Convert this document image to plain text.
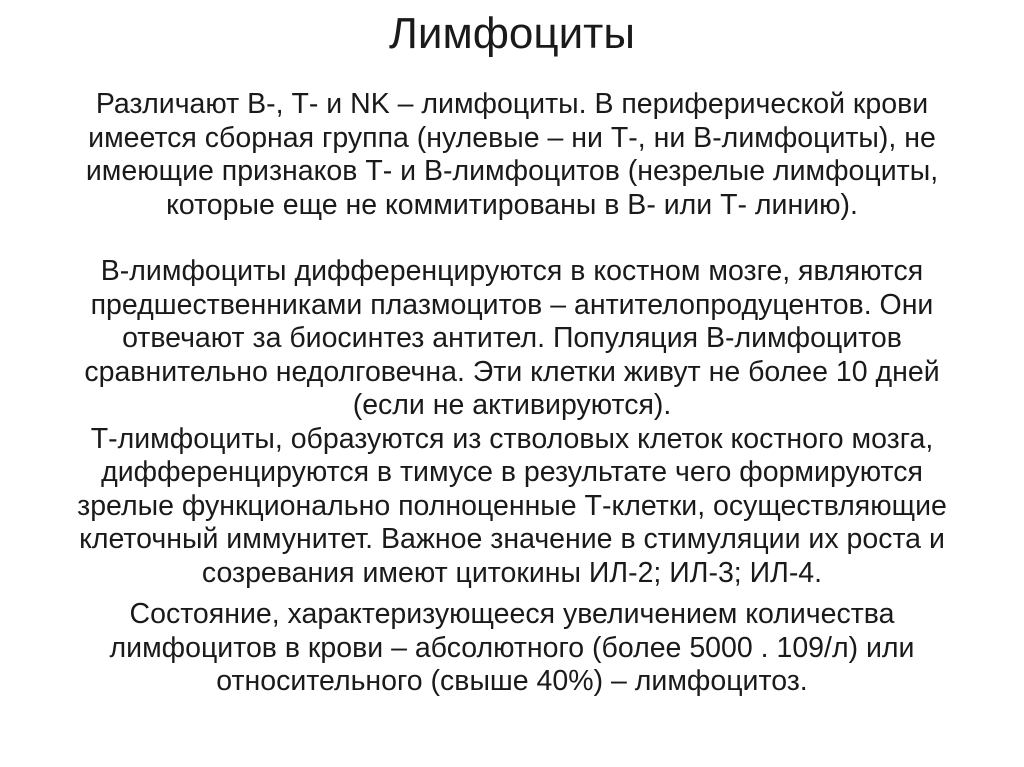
Лимфоциты

Различают В-, Т- и NK – лимфоциты. В периферической крови
имеется сборная группа (нулевые – ни Т-, ни В-лимфоциты), не
имеющие признаков Т- и В-лимфоцитов (незрелые лимфоциты,
которые еще не коммитированы в В- или Т- линию).

В-лимфоциты дифференцируются в костном мозге, являются
предшественниками плазмоцитов – антителопродуцентов. Они
отвечают за биосинтез антител. Популяция В-лимфоцитов
сравнительно недолговечна. Эти клетки живут не более 10 дней
(если не активируются).

Т-лимфоциты, образуются из стволовых клеток костного мозга,
дифференцируются в тимусе в результате чего формируются
зрелые функционально полноценные Т-клетки, осуществляющие
клеточный иммунитет. Важное значение в стимуляции их роста и
созревания имеют цитокины ИЛ-2; ИЛ-3; ИЛ-4.

Состояние, характеризующееся увеличением количества
лимфоцитов в крови – абсолютного (более 5000 . 109/л) или
относительного (свыше 40%) – лимфоцитоз.
